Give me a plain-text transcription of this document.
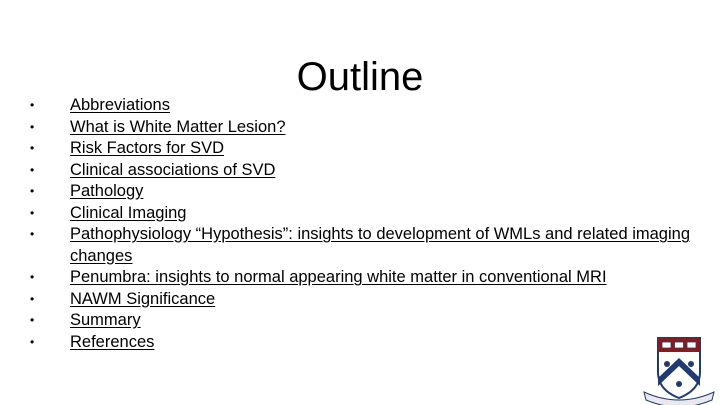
Outline
• Abbreviations
• What is White Matter Lesion?
• Risk Factors for SVD
• Clinical associations of SVD
• Pathology
• Clinical Imaging
• Pathophysiology “Hypothesis”: insights to development of WMLs and related imaging changes
• Penumbra: insights to normal appearing white matter in conventional MRI
• NAWM Significance
• Summary
• References
